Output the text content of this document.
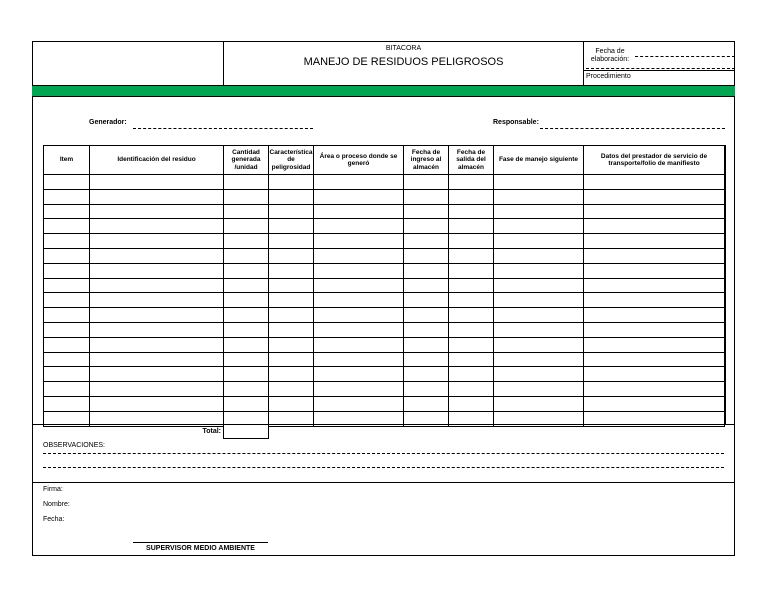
BITACORA
MANEJO DE RESIDUOS PELIGROSOS
Fecha de
elaboración:
Procedimiento
Generador:	Responsable:
Item	Identificación del residuo	Cantidad generada /unidad	Característica de peligrosidad	Área o proceso donde se generó	Fecha de ingreso al almacén	Fecha de salida del almacén	Fase de manejo siguiente	Datos del prestador de servicio de transporte/folio de manifiesto

Total:
OBSERVACIONES:
Firma:
Nombre:
Fecha:
SUPERVISOR MEDIO AMBIENTE
